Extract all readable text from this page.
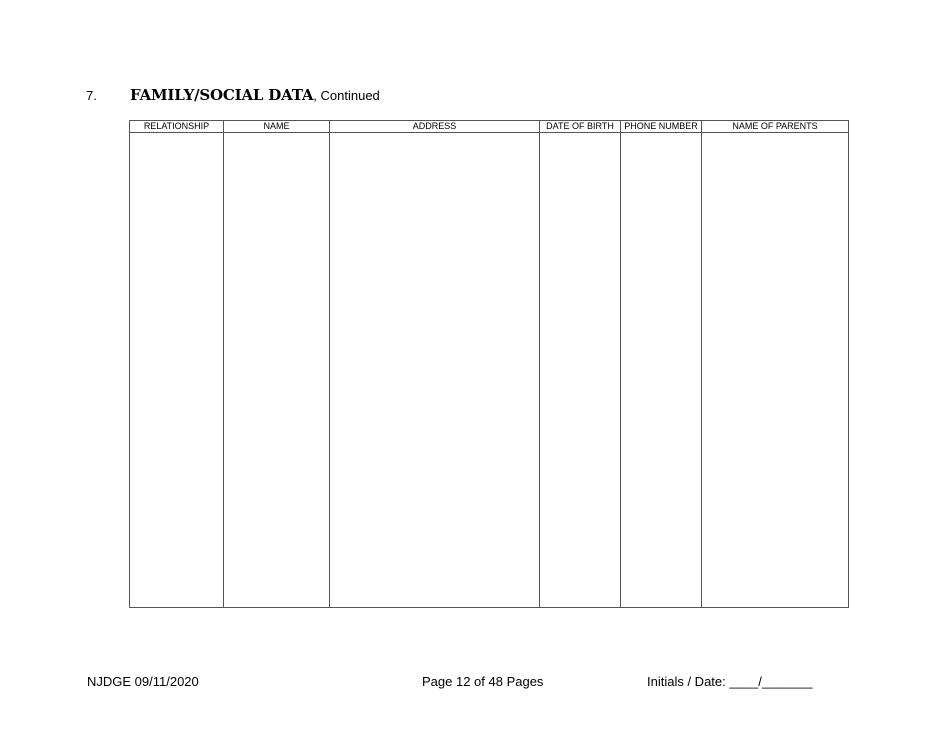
7.	FAMILY/SOCIAL DATA , Continued
RELATIONSHIP	NAME	ADDRESS	DATE OF BIRTH	PHONE NUMBER	NAME OF PARENTS

NJDGE 09/11/2020	Page 12 of 48 Pages	Initials / Date: ____/_______
